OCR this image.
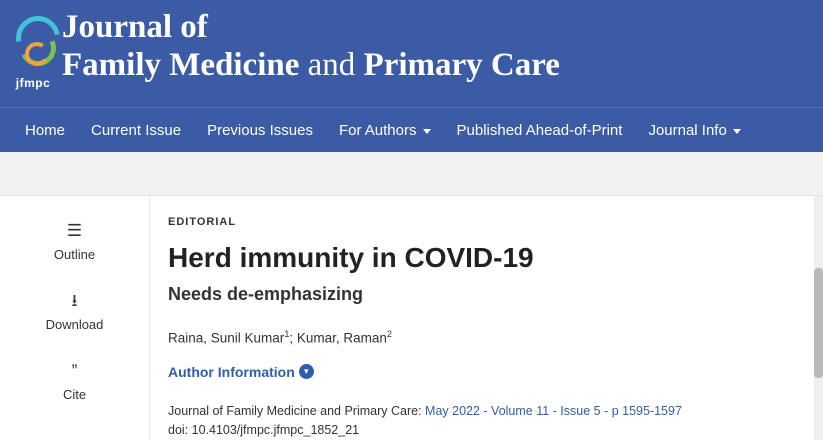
jfmpc
Journal of
Family Medicine and Primary Care
Home Current Issue Previous Issues For Authors	Published Ahead-of-Print Journal Info
☰
Outline
⭳
Download
”
Cite
EDITORIAL
Herd immunity in COVID-19
Needs de-emphasizing
Raina, Sunil Kumar$^1$; Kumar, Raman$^2$
Author Information	▾
Journal of Family Medicine and Primary Care: May 2022 - Volume 11 - Issue 5 - p 1595-1597
doi: 10.4103/jfmpc.jfmpc_1852_21
